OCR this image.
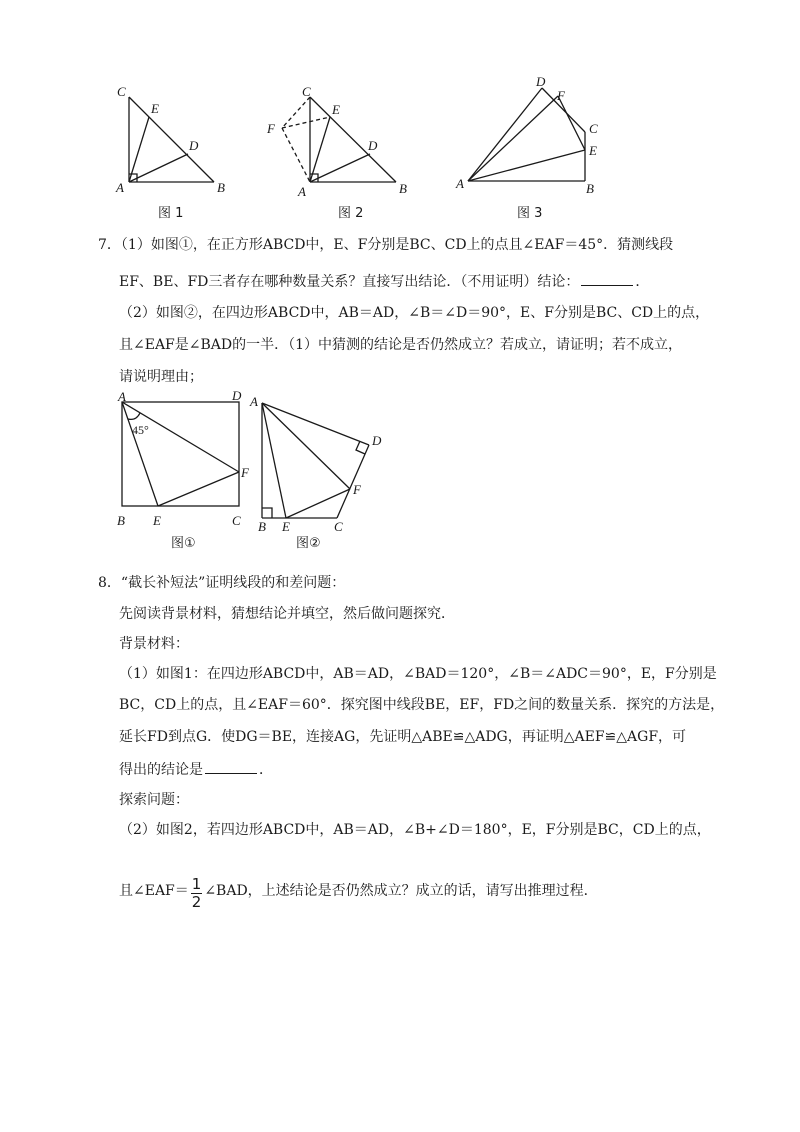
C
E
D
A	B
图 1
C
E
F
D
A	B
图 2
D
F
C
E
A	B
图 3
7．（1）如图①，在正方形ABCD中，E、F分别是BC、CD上的点且∠EAF＝45°．猜测线段
EF、BE、FD三者存在哪种数量关系？直接写出结论．（不用证明）结论：	．
（2）如图②，在四边形ABCD中，AB＝AD，∠B＝∠D＝90°，E、F分别是BC、CD上的点，
且∠EAF是∠BAD的一半．（1）中猜测的结论是否仍然成立？若成立，请证明；若不成立，
请说明理由；
A	D
45°
F
B E	C
图①
A
D
F
B E	C
图②
8．“截长补短法”证明线段的和差问题：
先阅读背景材料，猜想结论并填空，然后做问题探究．
背景材料：
（1）如图1：在四边形ABCD中，AB＝AD，∠BAD＝120°，∠B＝∠ADC＝90°，E，F分别是
BC，CD上的点，且∠EAF＝60°．探究图中线段BE，EF，FD之间的数量关系．探究的方法是，
延长FD到点G．使DG＝BE，连接AG，先证明△ABE≌△ADG，再证明△AEF≌△AGF，可
得出的结论是	．
探索问题：
（2）如图2，若四边形ABCD中，AB＝AD，∠B+∠D＝180°，E，F分别是BC，CD上的点，
且∠EAF＝ $\frac{1}{2}$ ∠BAD，上述结论是否仍然成立？成立的话，请写出推理过程．
